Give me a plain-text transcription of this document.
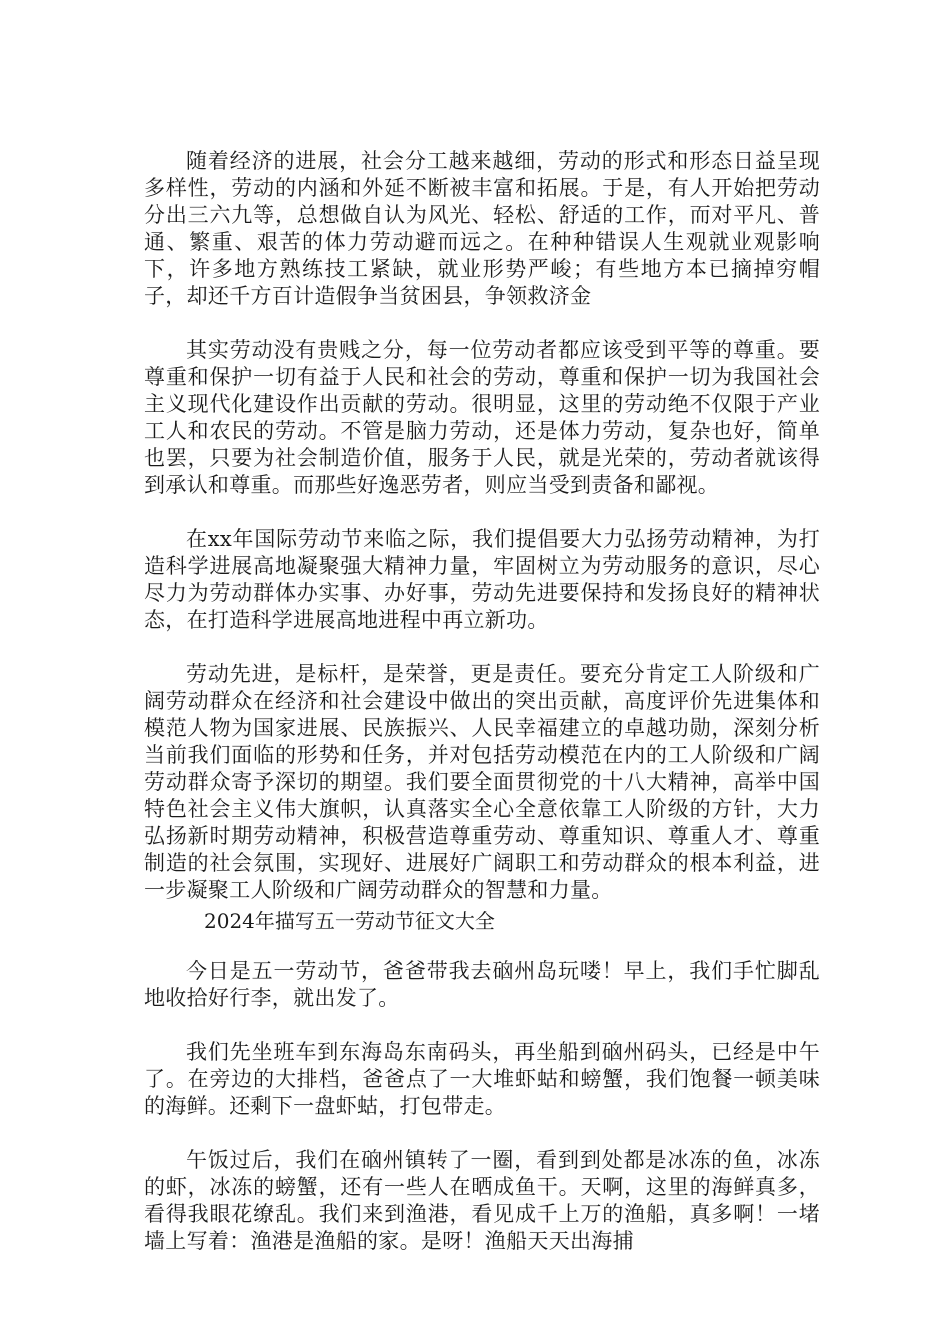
随着经济的进展，社会分工越来越细，劳动的形式和形态日益呈现多样性，劳动的内涵和外延不断被丰富和拓展。于是，有人开始把劳动分出三六九等，总想做自认为风光、轻松、舒适的工作，而对平凡、普通、繁重、艰苦的体力劳动避而远之。在种种错误人生观就业观影响下，许多地方熟练技工紧缺，就业形势严峻；有些地方本已摘掉穷帽子，却还千方百计造假争当贫困县，争领救济金

其实劳动没有贵贱之分，每一位劳动者都应该受到平等的尊重。要尊重和保护一切有益于人民和社会的劳动，尊重和保护一切为我国社会主义现代化建设作出贡献的劳动。很明显，这里的劳动绝不仅限于产业工人和农民的劳动。不管是脑力劳动，还是体力劳动，复杂也好，简单也罢，只要为社会制造价值，服务于人民，就是光荣的，劳动者就该得到承认和尊重。而那些好逸恶劳者，则应当受到责备和鄙视。

在xx年国际劳动节来临之际，我们提倡要大力弘扬劳动精神，为打造科学进展高地凝聚强大精神力量，牢固树立为劳动服务的意识，尽心尽力为劳动群体办实事、办好事，劳动先进要保持和发扬良好的精神状态，在打造科学进展高地进程中再立新功。

劳动先进，是标杆，是荣誉，更是责任。要充分肯定工人阶级和广阔劳动群众在经济和社会建设中做出的突出贡献，高度评价先进集体和模范人物为国家进展、民族振兴、人民幸福建立的卓越功勋，深刻分析当前我们面临的形势和任务，并对包括劳动模范在内的工人阶级和广阔劳动群众寄予深切的期望。我们要全面贯彻党的十八大精神，高举中国特色社会主义伟大旗帜，认真落实全心全意依靠工人阶级的方针，大力弘扬新时期劳动精神，积极营造尊重劳动、尊重知识、尊重人才、尊重制造的社会氛围，实现好、进展好广阔职工和劳动群众的根本利益，进一步凝聚工人阶级和广阔劳动群众的智慧和力量。

2024年描写五一劳动节征文大全

今日是五一劳动节，爸爸带我去硇州岛玩喽！早上，我们手忙脚乱地收拾好行李，就出发了。

我们先坐班车到东海岛东南码头，再坐船到硇州码头，已经是中午了。在旁边的大排档，爸爸点了一大堆虾蛄和螃蟹，我们饱餐一顿美味的海鲜。还剩下一盘虾蛄，打包带走。

午饭过后，我们在硇州镇转了一圈，看到到处都是冰冻的鱼，冰冻的虾，冰冻的螃蟹，还有一些人在晒成鱼干。天啊，这里的海鲜真多，看得我眼花缭乱。我们来到渔港，看见成千上万的渔船，真多啊！一堵墙上写着：渔港是渔船的家。是呀！渔船天天出海捕
